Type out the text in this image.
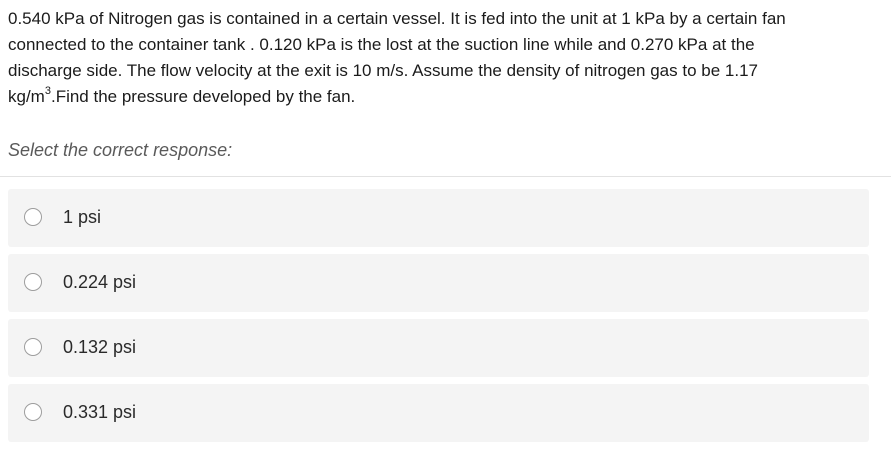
0.540 kPa of Nitrogen gas is contained in a certain vessel. It is fed into the unit at 1 kPa by a certain fan
connected to the container tank . 0.120 kPa is the lost at the suction line while and 0.270 kPa at the
discharge side. The flow velocity at the exit is 10 m/s. Assume the density of nitrogen gas to be 1.17
$kg/m^3.Find$ the pressure developed by the fan.
Select the correct response:
1 psi
0.224 psi
0.132 psi
0.331 psi
